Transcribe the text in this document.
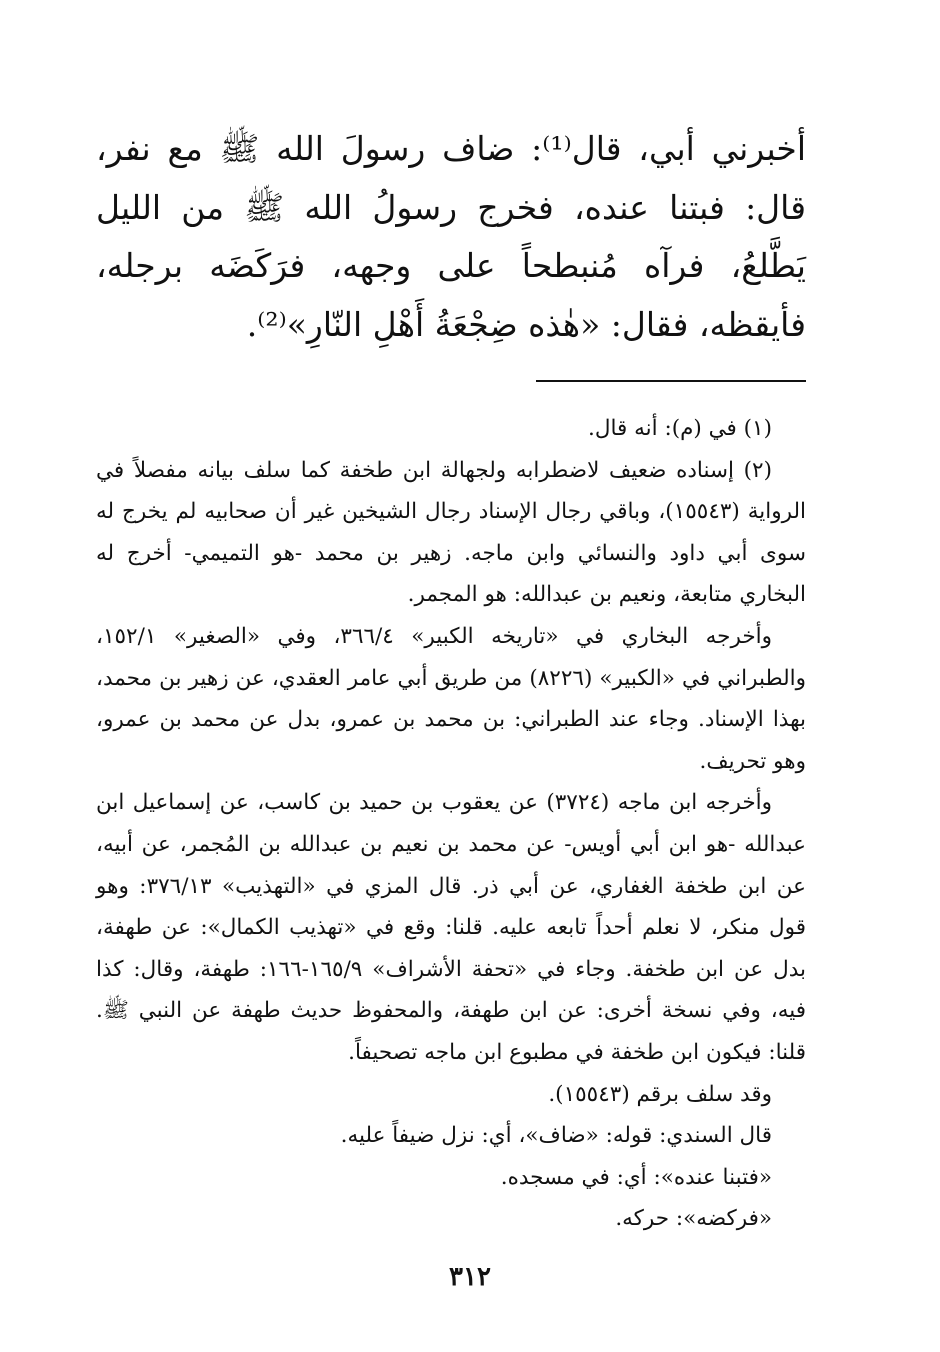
أخبرني أبي، قال⁽¹⁾: ضاف رسولَ الله ﷺ مع نفر، قال: فبتنا عنده، فخرج رسولُ الله ﷺ من الليل يَطَّلعُ، فرآه مُنبطحاً على وجهه، فرَكَضَه برجله، فأيقظه، فقال: «هٰذه ضِجْعَةُ أَهْلِ النّارِ»⁽²⁾.

(١) في (م): أنه قال.

(٢) إسناده ضعيف لاضطرابه ولجهالة ابن طخفة كما سلف بيانه مفصلاً في الرواية (١٥٥٤٣)، وباقي رجال الإسناد رجال الشيخين غير أن صحابيه لم يخرج له سوى أبي داود والنسائي وابن ماجه. زهير بن محمد -هو التميمي- أخرج له البخاري متابعة، ونعيم بن عبدالله: هو المجمر.

وأخرجه البخاري في «تاريخه الكبير» ٣٦٦/٤، وفي «الصغير» ١٥٢/١، والطبراني في «الكبير» (٨٢٢٦) من طريق أبي عامر العقدي، عن زهير بن محمد، بهذا الإسناد. وجاء عند الطبراني: بن محمد بن عمرو، بدل عن محمد بن عمرو، وهو تحريف.

وأخرجه ابن ماجه (٣٧٢٤) عن يعقوب بن حميد بن كاسب، عن إسماعيل ابن عبدالله -هو ابن أبي أويس- عن محمد بن نعيم بن عبدالله بن المُجمر، عن أبيه، عن ابن طخفة الغفاري، عن أبي ذر. قال المزي في «التهذيب» ٣٧٦/١٣: وهو قول منكر، لا نعلم أحداً تابعه عليه. قلنا: وقع في «تهذيب الكمال»: عن طهفة، بدل عن ابن طخفة. وجاء في «تحفة الأشراف» ١٦٥/٩-١٦٦: طهفة، وقال: كذا فيه، وفي نسخة أخرى: عن ابن طهفة، والمحفوظ حديث طهفة عن النبي ﷺ. قلنا: فيكون ابن طخفة في مطبوع ابن ماجه تصحيفاً.

وقد سلف برقم (١٥٥٤٣).

قال السندي: قوله: «ضاف»، أي: نزل ضيفاً عليه.

«فتبنا عنده»: أي: في مسجده.

«فركضه»: حركه.

٣١٢
